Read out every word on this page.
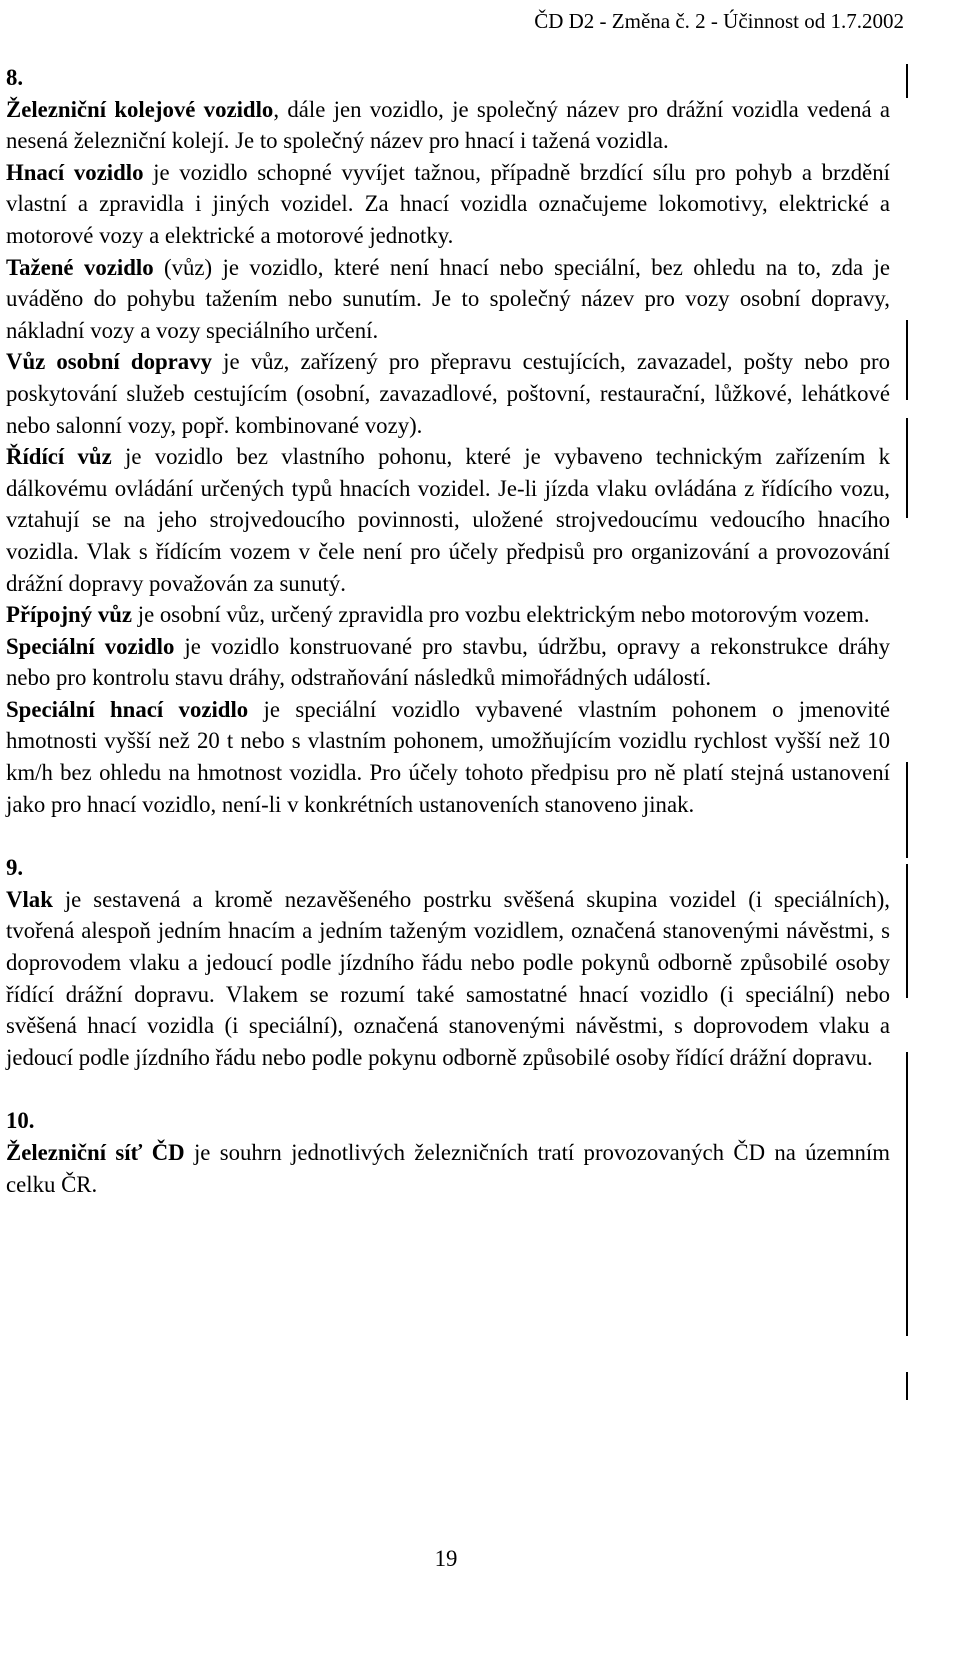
ČD D2 - Změna č. 2 - Účinnost od 1.7.2002
8.

Železniční kolejové vozidlo, dále jen vozidlo, je společný název pro drážní vozidla vedená a nesená železniční kolejí. Je to společný název pro hnací i tažená vozidla.

Hnací vozidlo je vozidlo schopné vyvíjet tažnou, případně brzdící sílu pro pohyb a brzdění vlastní a zpravidla i jiných vozidel. Za hnací vozidla označujeme lokomotivy, elektrické a motorové vozy a elektrické a motorové jednotky.

Tažené vozidlo (vůz) je vozidlo, které není hnací nebo speciální, bez ohledu na to, zda je uváděno do pohybu tažením nebo sunutím. Je to společný název pro vozy osobní dopravy, nákladní vozy a vozy speciálního určení.

Vůz osobní dopravy je vůz, zařízený pro přepravu cestujících, zavazadel, pošty nebo pro poskytování služeb cestujícím (osobní, zavazadlové, poštovní, restaurační, lůžkové, lehátkové nebo salonní vozy, popř. kombinované vozy).

Řídící vůz je vozidlo bez vlastního pohonu, které je vybaveno technickým zařízením k dálkovému ovládání určených typů hnacích vozidel. Je-li jízda vlaku ovládána z řídícího vozu, vztahují se na jeho strojvedoucího povinnosti, uložené strojvedoucímu vedoucího hnacího vozidla. Vlak s řídícím vozem v čele není pro účely předpisů pro organizování a provozování drážní dopravy považován za sunutý.

Přípojný vůz je osobní vůz, určený zpravidla pro vozbu elektrickým nebo motorovým vozem.

Speciální vozidlo je vozidlo konstruované pro stavbu, údržbu, opravy a rekonstrukce dráhy nebo pro kontrolu stavu dráhy, odstraňování následků mimořádných událostí.

Speciální hnací vozidlo je speciální vozidlo vybavené vlastním pohonem o jmenovité hmotnosti vyšší než 20 t nebo s vlastním pohonem, umožňujícím vozidlu rychlost vyšší než 10 km/h bez ohledu na hmotnost vozidla. Pro účely tohoto předpisu pro ně platí stejná ustanovení jako pro hnací vozidlo, není-li v konkrétních ustanoveních stanoveno jinak.

9.

Vlak je sestavená a kromě nezavěšeného postrku svěšená skupina vozidel (i speciálních), tvořená alespoň jedním hnacím a jedním taženým vozidlem, označená stanovenými návěstmi, s doprovodem vlaku a jedoucí podle jízdního řádu nebo podle pokynů odborně způsobilé osoby řídící drážní dopravu. Vlakem se rozumí také samostatné hnací vozidlo (i speciální) nebo svěšená hnací vozidla (i speciální), označená stanovenými návěstmi, s doprovodem vlaku a jedoucí podle jízdního řádu nebo podle pokynu odborně způsobilé osoby řídící drážní dopravu.

10.

Železniční síť ČD je souhrn jednotlivých železničních tratí provozovaných ČD na územním celku ČR.

19
